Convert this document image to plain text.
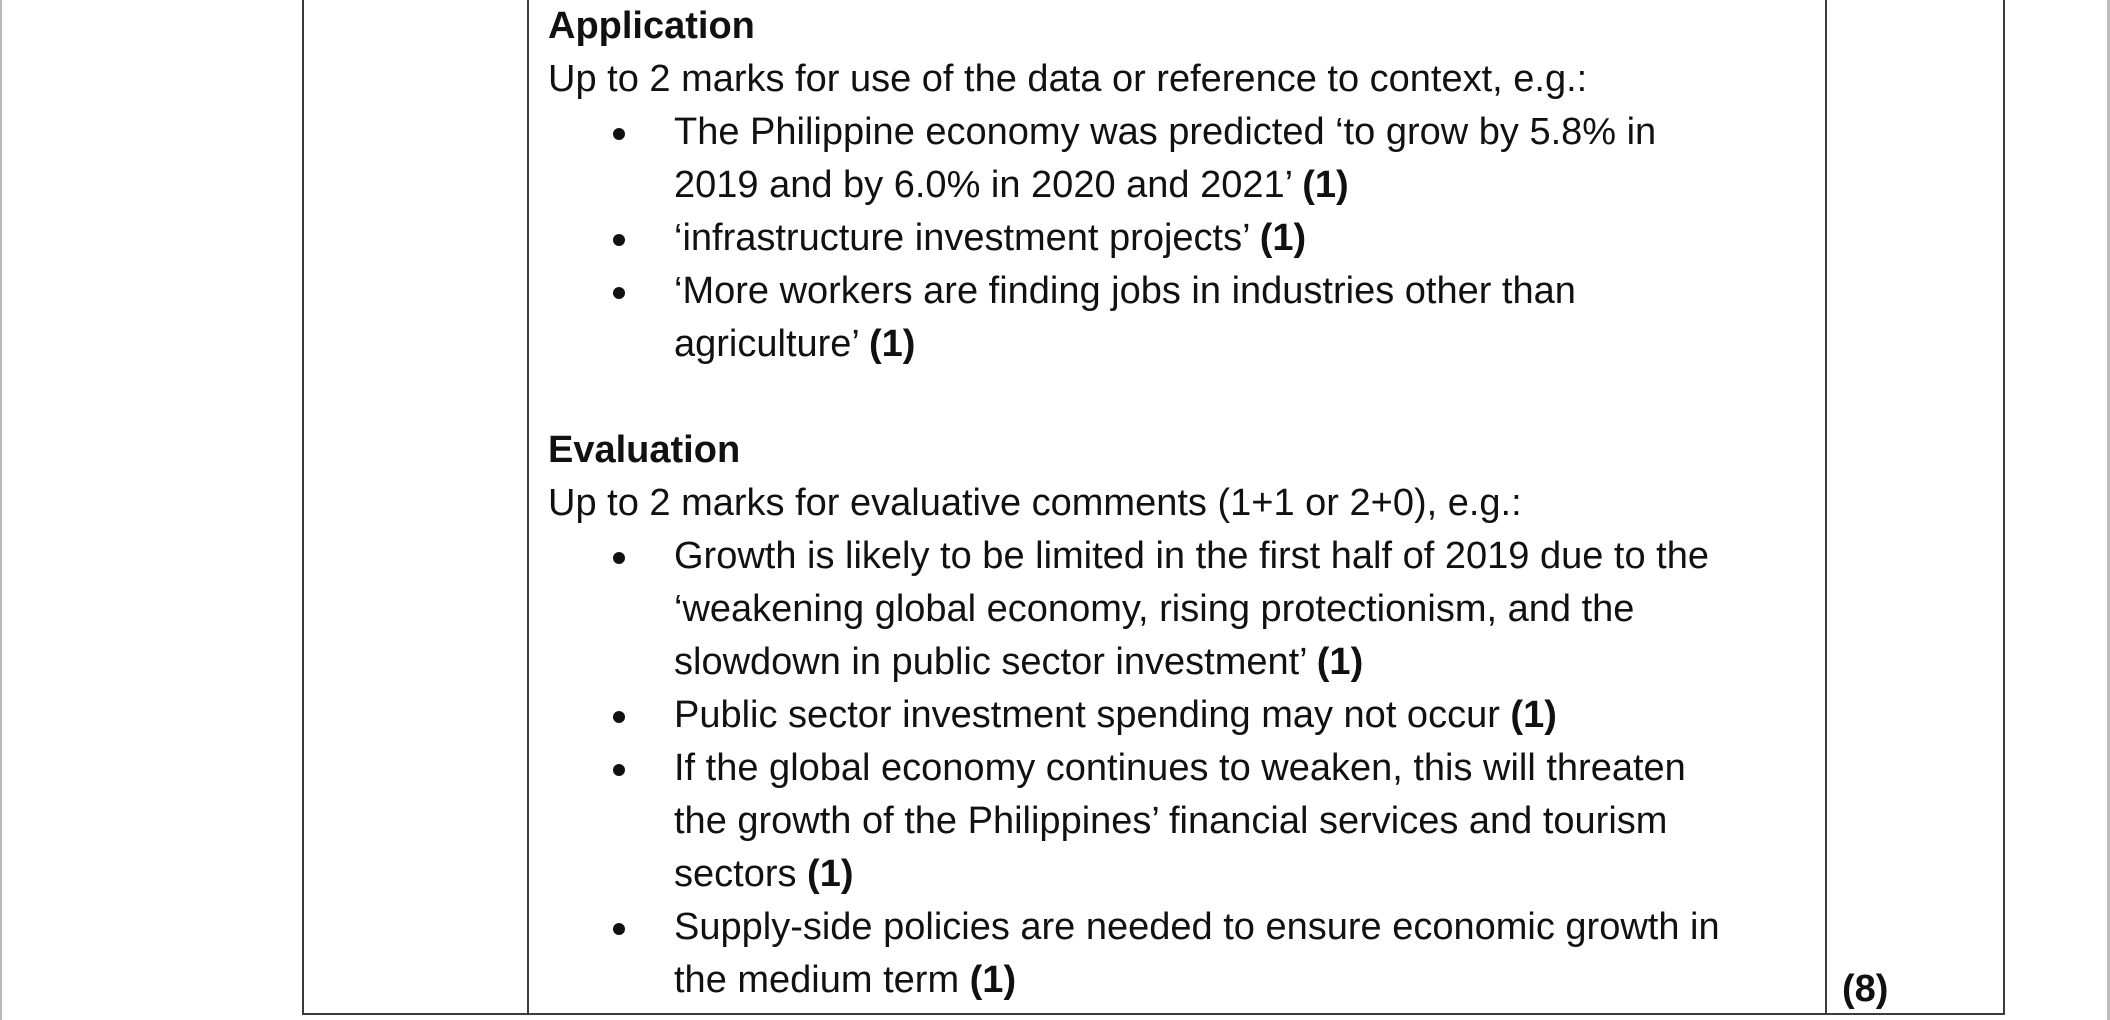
Application
Up to 2 marks for use of the data or reference to context, e.g.:
The Philippine economy was predicted ‘to grow by 5.8% in
2019 and by 6.0% in 2020 and 2021’ (1)
‘infrastructure investment projects’ (1)
‘More workers are finding jobs in industries other than
agriculture’ (1)
Evaluation
Up to 2 marks for evaluative comments (1+1 or 2+0), e.g.:
Growth is likely to be limited in the first half of 2019 due to the
‘weakening global economy, rising protectionism, and the
slowdown in public sector investment’ (1)
Public sector investment spending may not occur (1)
If the global economy continues to weaken, this will threaten
the growth of the Philippines’ financial services and tourism
sectors (1)
Supply-side policies are needed to ensure economic growth in
the medium term (1)	(8)
